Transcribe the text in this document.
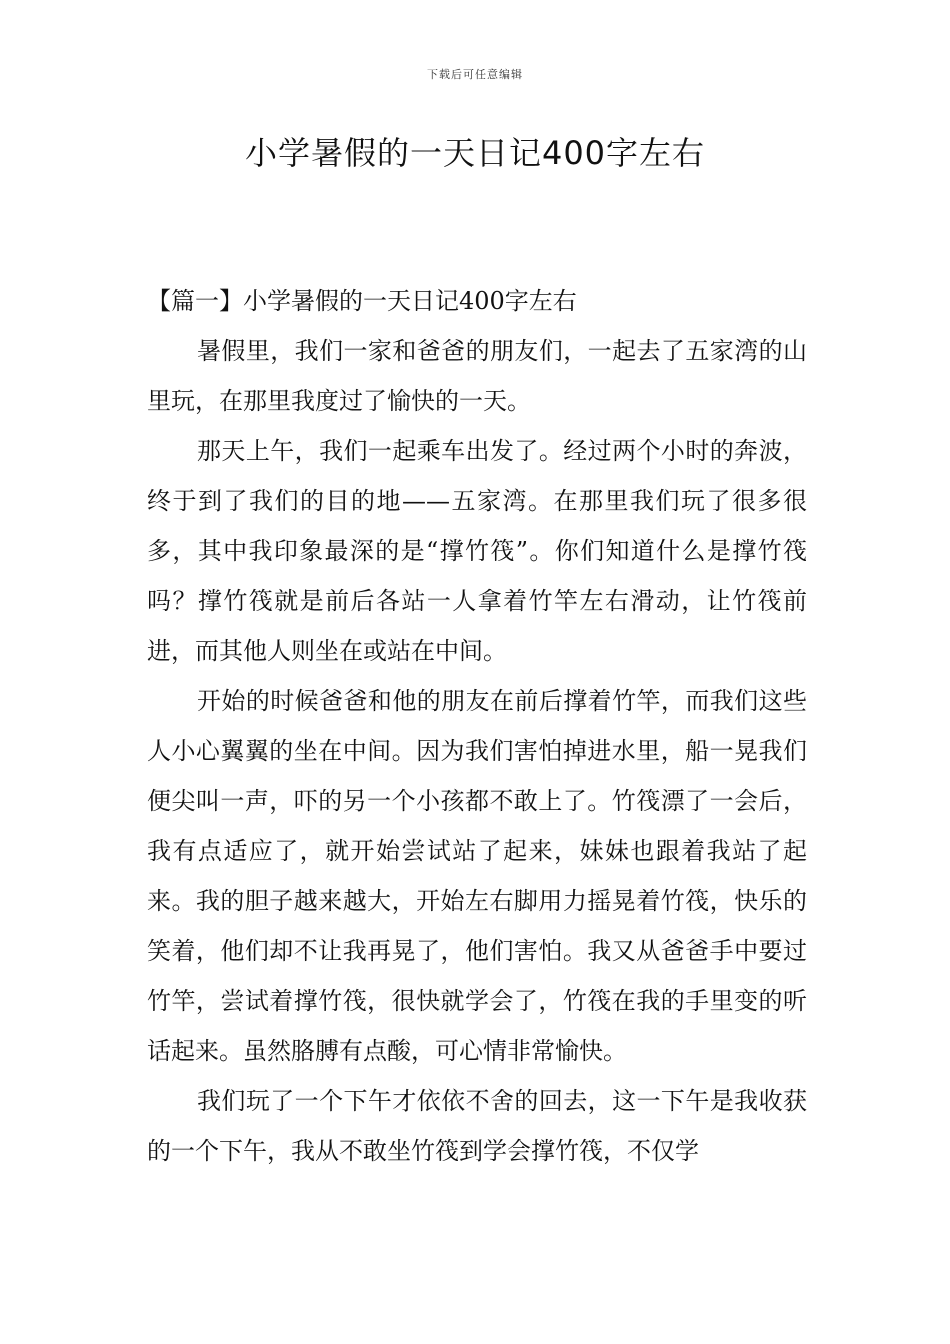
下载后可任意编辑
小学暑假的一天日记400字左右
【篇一】小学暑假的一天日记400字左右

暑假里，我们一家和爸爸的朋友们，一起去了五家湾的山里玩，在那里我度过了愉快的一天。

那天上午，我们一起乘车出发了。经过两个小时的奔波，终于到了我们的目的地——五家湾。在那里我们玩了很多很多，其中我印象最深的是“撑竹筏”。你们知道什么是撑竹筏吗？撑竹筏就是前后各站一人拿着竹竿左右滑动，让竹筏前进，而其他人则坐在或站在中间。

开始的时候爸爸和他的朋友在前后撑着竹竿，而我们这些人小心翼翼的坐在中间。因为我们害怕掉进水里，船一晃我们便尖叫一声，吓的另一个小孩都不敢上了。竹筏漂了一会后，我有点适应了，就开始尝试站了起来，妹妹也跟着我站了起来。我的胆子越来越大，开始左右脚用力摇晃着竹筏，快乐的笑着，他们却不让我再晃了，他们害怕。我又从爸爸手中要过竹竿，尝试着撑竹筏，很快就学会了，竹筏在我的手里变的听话起来。虽然胳膊有点酸，可心情非常愉快。

我们玩了一个下午才依依不舍的回去，这一下午是我收获的一个下午，我从不敢坐竹筏到学会撑竹筏，不仅学
